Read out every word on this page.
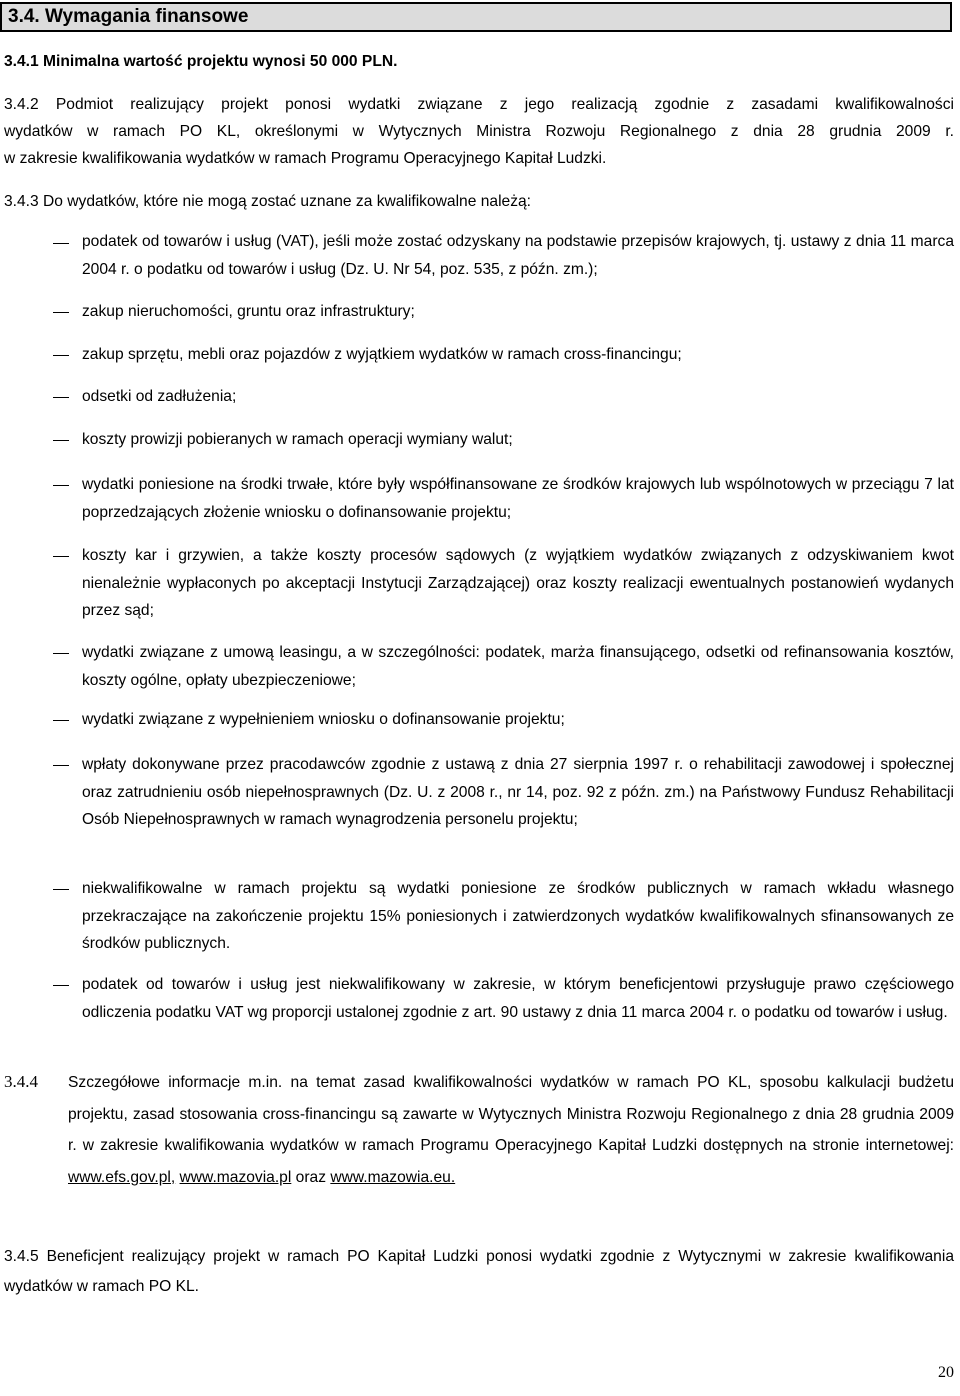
3.4. Wymagania finansowe
3.4.1 Minimalna wartość projektu wynosi 50 000 PLN.
3.4.2 Podmiot realizujący projekt ponosi wydatki związane z jego realizacją zgodnie z zasadami kwalifikowalności
wydatków w ramach PO KL, określonymi w Wytycznych Ministra Rozwoju Regionalnego z dnia 28 grudnia 2009 r.
w zakresie kwalifikowania wydatków w ramach Programu Operacyjnego Kapitał Ludzki.
3.4.3 Do wydatków, które nie mogą zostać uznane za kwalifikowalne należą:
podatek od towarów i usług (VAT), jeśli może zostać odzyskany na podstawie przepisów krajowych, tj. ustawy z dnia 11 marca 2004 r. o podatku od towarów i usług (Dz. U. Nr 54, poz. 535, z późn. zm.);
zakup nieruchomości, gruntu oraz infrastruktury;
zakup sprzętu, mebli oraz pojazdów z wyjątkiem wydatków w ramach cross-financingu;
odsetki od zadłużenia;
koszty prowizji pobieranych w ramach operacji wymiany walut;
wydatki poniesione na środki trwałe, które były współfinansowane ze środków krajowych lub wspólnotowych w przeciągu 7 lat poprzedzających złożenie wniosku o dofinansowanie projektu;
koszty kar i grzywien, a także koszty procesów sądowych (z wyjątkiem wydatków związanych z odzyskiwaniem kwot nienależnie wypłaconych po akceptacji Instytucji Zarządzającej) oraz koszty realizacji ewentualnych postanowień wydanych przez sąd;
wydatki związane z umową leasingu, a w szczególności: podatek, marża finansującego, odsetki od refinansowania kosztów, koszty ogólne, opłaty ubezpieczeniowe;
wydatki związane z wypełnieniem wniosku o dofinansowanie projektu;
wpłaty dokonywane przez pracodawców zgodnie z ustawą z dnia 27 sierpnia 1997 r. o rehabilitacji zawodowej i społecznej oraz zatrudnieniu osób niepełnosprawnych (Dz. U. z 2008 r., nr 14, poz. 92 z późn. zm.) na Państwowy Fundusz Rehabilitacji Osób Niepełnosprawnych w ramach wynagrodzenia personelu projektu;
niekwalifikowalne w ramach projektu są wydatki poniesione ze środków publicznych w ramach wkładu własnego przekraczające na zakończenie projektu 15% poniesionych i zatwierdzonych wydatków kwalifikowalnych sfinansowanych ze środków publicznych.
podatek od towarów i usług jest niekwalifikowany w zakresie, w którym beneficjentowi przysługuje prawo częściowego odliczenia podatku VAT wg proporcji ustalonej zgodnie z art. 90 ustawy z dnia 11 marca 2004 r. o podatku od towarów i usług.
3.4.4 Szczegółowe informacje m.in. na temat zasad kwalifikowalności wydatków w ramach PO KL, sposobu kalkulacji budżetu projektu, zasad stosowania cross-financingu są zawarte w Wytycznych Ministra Rozwoju Regionalnego z dnia 28 grudnia 2009 r. w zakresie kwalifikowania wydatków w ramach Programu Operacyjnego Kapitał Ludzki dostępnych na stronie internetowej: www.efs.gov.pl, www.mazovia.pl oraz www.mazowia.eu.
3.4.5 Beneficjent realizujący projekt w ramach PO Kapitał Ludzki ponosi wydatki zgodnie z Wytycznymi w zakresie kwalifikowania wydatków w ramach PO KL.
20
